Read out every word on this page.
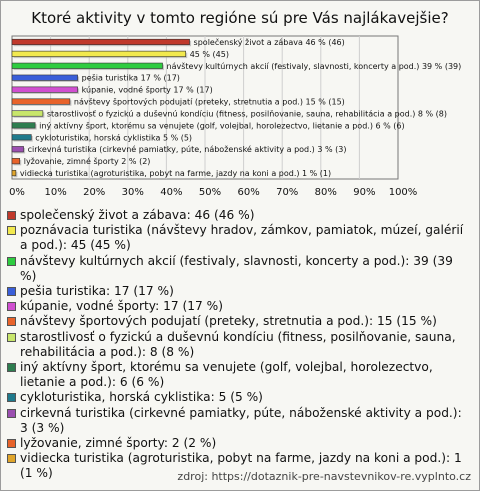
Ktoré aktivity v tomto regióne sú pre Vás najlákavejšie?
0% 10% 20% 30% 40% 50% 60% 70% 80% 90% 100%
společenský život a zábava 46 % (46)
45 % (45)
návštevy kultúrnych akcií (festivaly, slavnosti, koncerty a pod.) 39 % (39)
pešia turistika 17 % (17)
kúpanie, vodné športy 17 % (17)
návštevy športových podujatí (preteky, stretnutia a pod.) 15 % (15)
starostlivosť o fyzickú a duševnú kondíciu (fitness, posilňovanie, sauna, rehabilitácia a pod.) 8 % (8)
iný aktívny šport, ktorému sa venujete (golf, volejbal, horolezectvo, lietanie a pod.) 6 % (6)
cykloturistika, horská cyklistika 5 % (5)
cirkevná turistika (cirkevné pamiatky, púte, náboženské aktivity a pod.) 3 % (3)
lyžovanie, zimné športy 2 % (2)
vidiecka turistika (agroturistika, pobyt na farme, jazdy na koni a pod.) 1 % (1)
společenský život a zábava: 46 (46 %)
poznávacia turistika (návštevy hradov, zámkov, pamiatok, múzeí, galérií a pod.): 45 (45 %)
návštevy kultúrnych akcií (festivaly, slavnosti, koncerty a pod.): 39 (39 %)
pešia turistika: 17 (17 %)
kúpanie, vodné športy: 17 (17 %)
návštevy športových podujatí (preteky, stretnutia a pod.): 15 (15 %)
starostlivosť o fyzickú a duševnú kondíciu (fitness, posilňovanie, sauna, rehabilitácia a pod.): 8 (8 %)
iný aktívny šport, ktorému sa venujete (golf, volejbal, horolezectvo, lietanie a pod.): 6 (6 %)
cykloturistika, horská cyklistika: 5 (5 %)
cirkevná turistika (cirkevné pamiatky, púte, náboženské aktivity a pod.): 3 (3 %)
lyžovanie, zimné športy: 2 (2 %)
vidiecka turistika (agroturistika, pobyt na farme, jazdy na koni a pod.): 1 (1 %)	zdroj: https://dotaznik-pre-navstevnikov-re.vyplnto.cz
